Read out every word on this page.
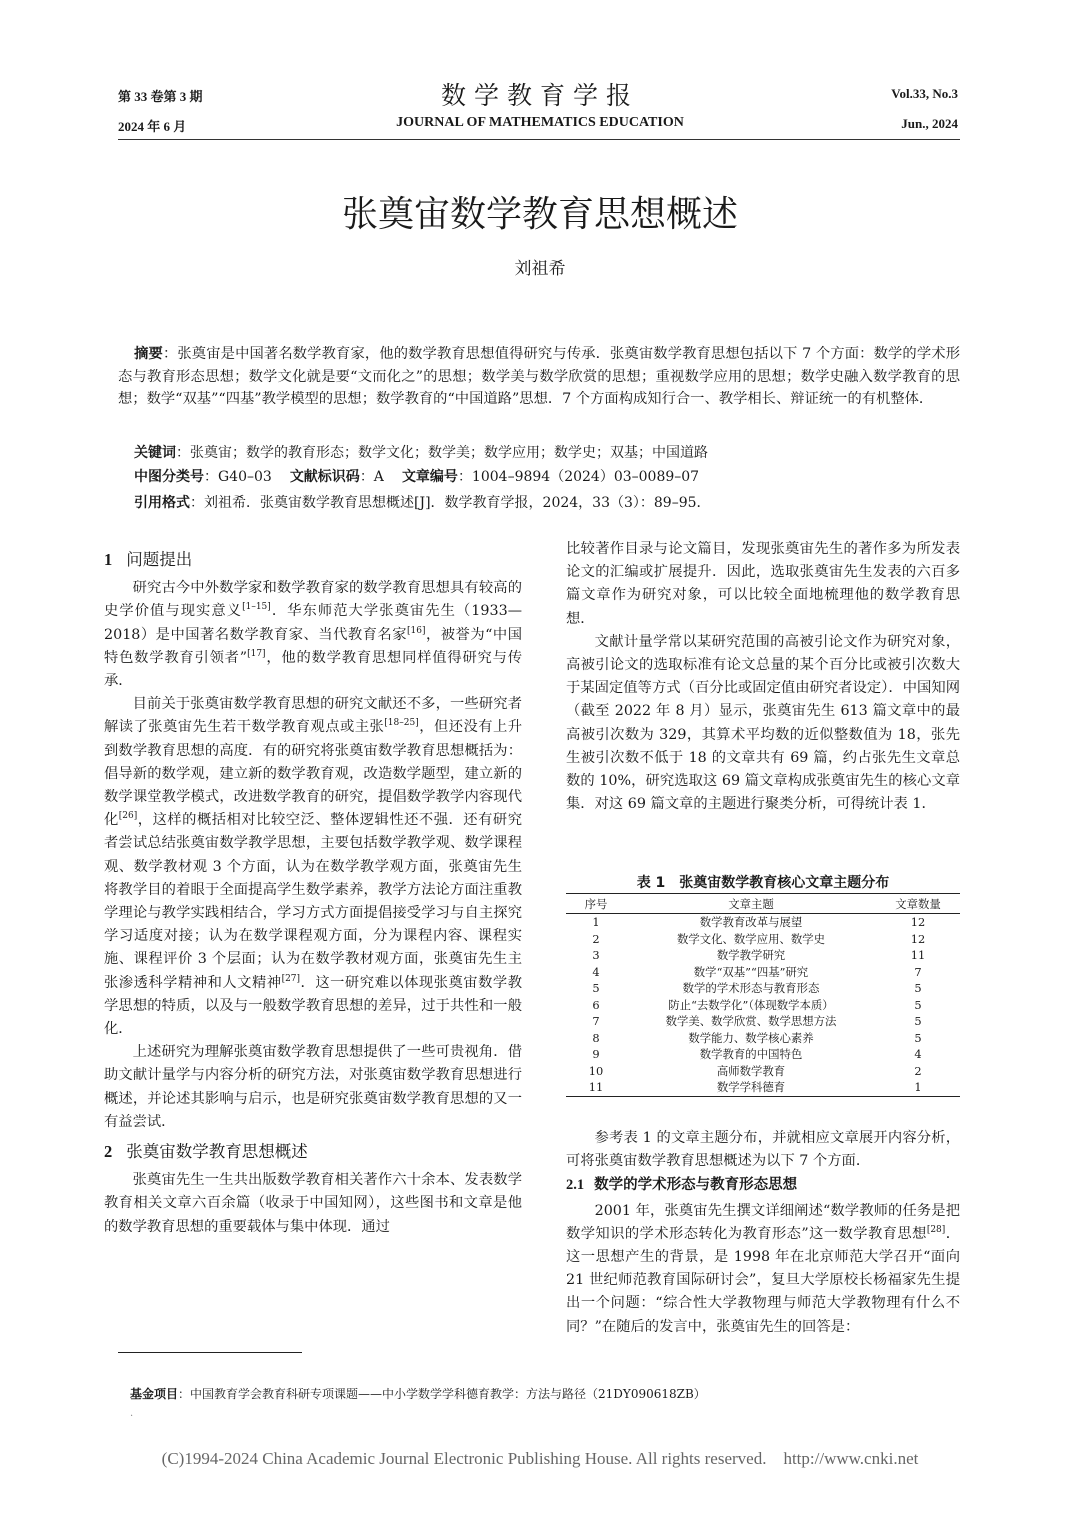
第 33 卷第 3 期
2024 年 6 月
数学教育学报
JOURNAL OF MATHEMATICS EDUCATION
Vol.33, No.3
Jun., 2024
张奠宙数学教育思想概述
刘祖希
摘要：张奠宙是中国著名数学教育家，他的数学教育思想值得研究与传承．张奠宙数学教育思想包括以下 7 个方面：数学的学术形态与教育形态思想；数学文化就是要“文而化之”的思想；数学美与数学欣赏的思想；重视数学应用的思想；数学史融入数学教育的思想；数学“双基”“四基”教学模型的思想；数学教育的“中国道路”思想．7 个方面构成知行合一、教学相长、辩证统一的有机整体．
关键词：张奠宙；数学的教育形态；数学文化；数学美；数学应用；数学史；双基；中国道路
中图分类号：G40–03 文献标识码：A 文章编号：1004–9894（2024）03–0089–07
引用格式：刘祖希．张奠宙数学教育思想概述[J]．数学教育学报，2024，33（3）：89–95．
1 问题提出

研究古今中外数学家和数学教育家的数学教育思想具有较高的史学价值与现实意义[1–15]．华东师范大学张奠宙先生（1933—2018）是中国著名数学教育家、当代教育名家[16]，被誉为“中国特色数学教育引领者”[17]，他的数学教育思想同样值得研究与传承．

目前关于张奠宙数学教育思想的研究文献还不多，一些研究者解读了张奠宙先生若干数学教育观点或主张[18–25]，但还没有上升到数学教育思想的高度．有的研究将张奠宙数学教育思想概括为：倡导新的数学观，建立新的数学教育观，改造数学题型，建立新的数学课堂教学模式，改进数学教育的研究，提倡数学教学内容现代化[26]，这样的概括相对比较空泛、整体逻辑性还不强．还有研究者尝试总结张奠宙数学教学思想，主要包括数学教学观、数学课程观、数学教材观 3 个方面，认为在数学教学观方面，张奠宙先生将教学目的着眼于全面提高学生数学素养，教学方法论方面注重教学理论与教学实践相结合，学习方式方面提倡接受学习与自主探究学习适度对接；认为在数学课程观方面，分为课程内容、课程实施、课程评价 3 个层面；认为在数学教材观方面，张奠宙先生主张渗透科学精神和人文精神[27]．这一研究难以体现张奠宙数学教学思想的特质，以及与一般数学教育思想的差异，过于共性和一般化．

上述研究为理解张奠宙数学教育思想提供了一些可贵视角．借助文献计量学与内容分析的研究方法，对张奠宙数学教育思想进行概述，并论述其影响与启示，也是研究张奠宙数学教育思想的又一有益尝试．

2 张奠宙数学教育思想概述

张奠宙先生一生共出版数学教育相关著作六十余本、发表数学教育相关文章六百余篇（收录于中国知网），这些图书和文章是他的数学教育思想的重要载体与集中体现．通过

比较著作目录与论文篇目，发现张奠宙先生的著作多为所发表论文的汇编或扩展提升．因此，选取张奠宙先生发表的六百多篇文章作为研究对象，可以比较全面地梳理他的数学教育思想．

文献计量学常以某研究范围的高被引论文作为研究对象，高被引论文的选取标准有论文总量的某个百分比或被引次数大于某固定值等方式（百分比或固定值由研究者设定）．中国知网（截至 2022 年 8 月）显示，张奠宙先生 613 篇文章中的最高被引次数为 329，其算术平均数的近似整数值为 18，张先生被引次数不低于 18 的文章共有 69 篇，约占张先生文章总数的 10%，研究选取这 69 篇文章构成张奠宙先生的核心文章集．对这 69 篇文章的主题进行聚类分析，可得统计表 1．

表 1　张奠宙数学教育核心文章主题分布
序号	文章主题	文章数量
1	数学教育改革与展望	12
2	数学文化、数学应用、数学史	12
3	数学教学研究	11
4	数学“双基”“四基”研究	7
5	数学的学术形态与教育形态	5
6	防止“去数学化”（体现数学本质）	5
7	数学美、数学欣赏、数学思想方法	5
8	数学能力、数学核心素养	5
9	数学教育的中国特色	4
10	高师数学教育	2
11	数学学科德育	1

参考表 1 的文章主题分布，并就相应文章展开内容分析，可将张奠宙数学教育思想概述为以下 7 个方面．

2.1 数学的学术形态与教育形态思想

2001 年，张奠宙先生撰文详细阐述“数学教师的任务是把数学知识的学术形态转化为教育形态”这一数学教育思想[28]．这一思想产生的背景，是 1998 年在北京师范大学召开“面向 21 世纪师范教育国际研讨会”，复旦大学原校长杨福家先生提出一个问题：“综合性大学教物理与师范大学教物理有什么不同？”在随后的发言中，张奠宙先生的回答是：

基金项目：中国教育学会教育科研专项课题——中小学数学学科德育教学：方法与路径（21DY090618ZB）
.
(C)1994-2024 China Academic Journal Electronic Publishing House. All rights reserved.    http://www.cnki.net
